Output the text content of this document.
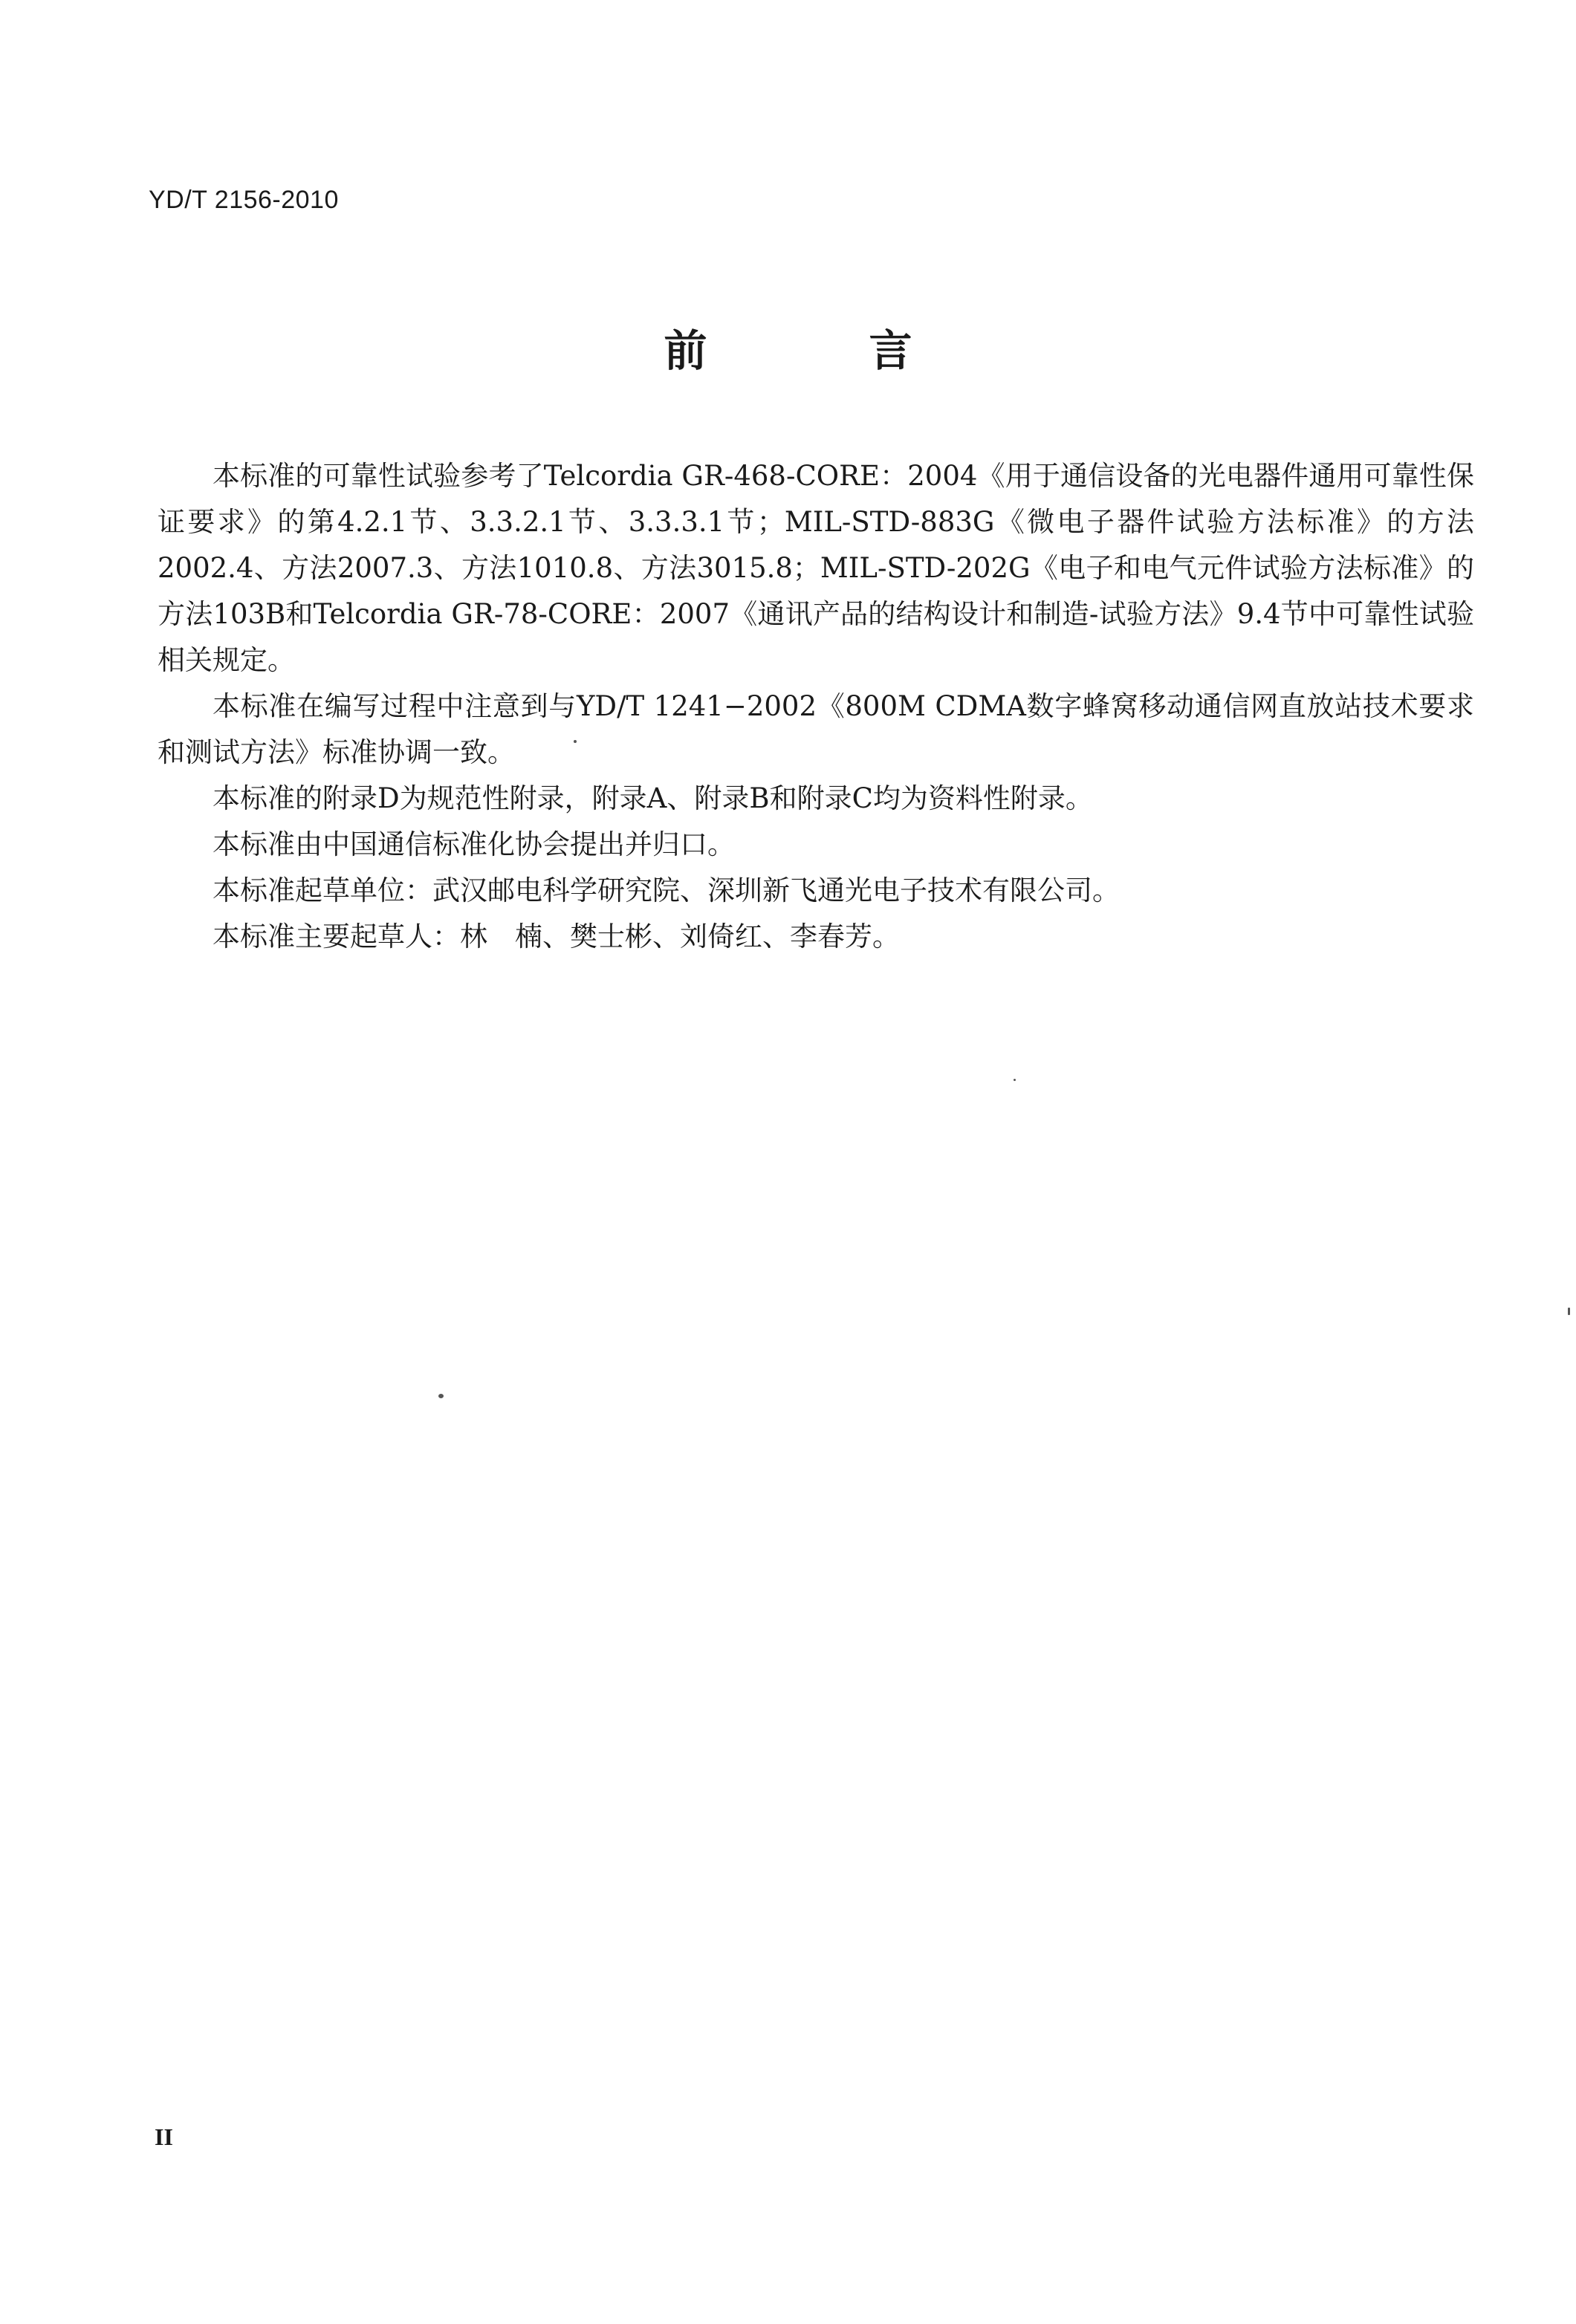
YD/T 2156-2010

前　言

本标准的可靠性试验参考了Telcordia GR-468-CORE：2004《用于通信设备的光电器件通用可靠性保证要求》的第4.2.1节、3.3.2.1节、3.3.3.1节；MIL-STD-883G《微电子器件试验方法标准》的方法2002.4、方法2007.3、方法1010.8、方法3015.8；MIL-STD-202G《电子和电气元件试验方法标准》的方法103B和Telcordia GR-78-CORE：2007《通讯产品的结构设计和制造-试验方法》9.4节中可靠性试验相关规定。

本标准在编写过程中注意到与YD/T 1241−2002《800M CDMA数字蜂窝移动通信网直放站技术要求和测试方法》标准协调一致。

本标准的附录D为规范性附录，附录A、附录B和附录C均为资料性附录。

本标准由中国通信标准化协会提出并归口。

本标准起草单位：武汉邮电科学研究院、深圳新飞通光电子技术有限公司。

本标准主要起草人：林　楠、樊士彬、刘倚红、李春芳。

II
